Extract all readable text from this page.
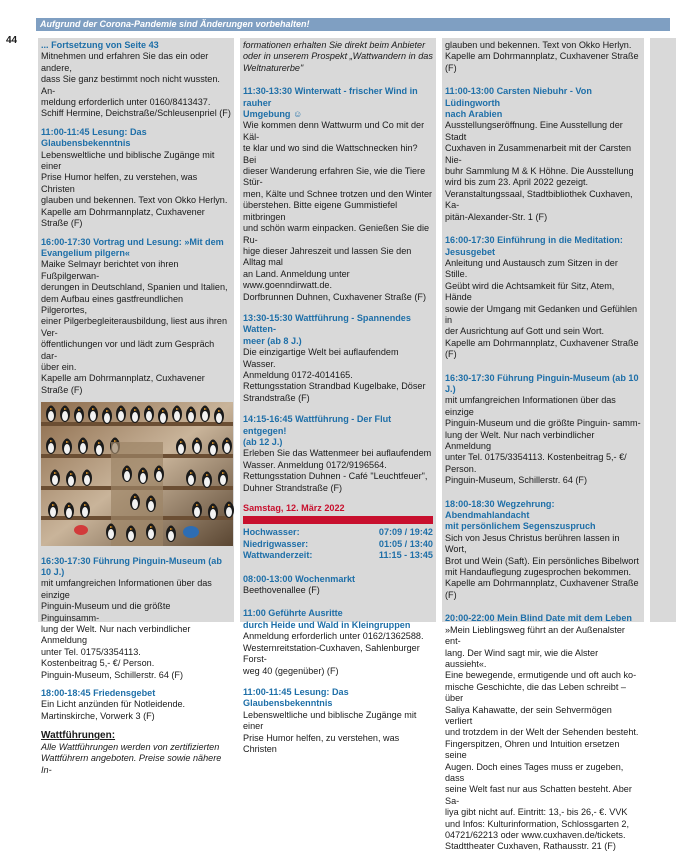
Aufgrund der Corona-Pandemie sind Änderungen vorbehalten!
44	... Fortsetzung von Seite 43
Mitnehmen und erfahren Sie das ein oder andere,
dass Sie ganz bestimmt noch nicht wussten. An-
meldung erforderlich unter 0160/8413437.
Schiff Hermine, Deichstraße/Schleusenpriel (F)
11:00-11:45 Lesung: Das Glaubensbekenntnis
Lebensweltliche und biblische Zugänge mit einer
Prise Humor helfen, zu verstehen, was Christen
glauben und bekennen. Text von Okko Herlyn.
Kapelle am Dohrmannplatz, Cuxhavener Straße (F)
16:00-17:30 Vortrag und Lesung: »Mit dem
Evangelium pilgern«
Maike Selmayr berichtet von ihren Fußpilgerwan-
derungen in Deutschland, Spanien und Italien,
dem Aufbau eines gastfreundlichen Pilgerortes,
einer Pilgerbegleiterausbildung, liest aus ihren Ver-
öffentlichungen vor und lädt zum Gespräch dar-
über ein.
Kapelle am Dohrmannplatz, Cuxhavener Straße (F)
16:30-17:30 Führung Pinguin-Museum (ab 10 J.)
mit umfangreichen Informationen über das einzige
Pinguin-Museum und die größte Pinguinsamm-
lung der Welt. Nur nach verbindlicher Anmeldung
unter Tel. 0175/3354113.
Kostenbeitrag 5,- €/ Person.
Pinguin-Museum, Schillerstr. 64 (F)
18:00-18:45 Friedensgebet
Ein Licht anzünden für Notleidende.
Martinskirche, Vorwerk 3 (F)
Wattführungen:
Alle Wattführungen werden von zertifizierten
Wattführern angeboten. Preise sowie nähere In-
formationen erhalten Sie direkt beim Anbieter
oder in unserem Prospekt „Wattwandern in das
Weltnaturerbe"
11:30-13:30 Winterwatt - frischer Wind in rauher
Umgebung ☺
Wie kommen denn Wattwurm und Co mit der Käl-
te klar und wo sind die Wattschnecken hin? Bei
dieser Wanderung erfahren Sie, wie die Tiere Stür-
men, Kälte und Schnee trotzen und den Winter
überstehen. Bitte eigene Gummistiefel mitbringen
und schön warm einpacken. Genießen Sie die Ru-
hige dieser Jahreszeit und lassen Sie den Alltag mal
an Land. Anmeldung unter www.goenndirwatt.de.
Dorfbrunnen Duhnen, Cuxhavener Straße (F)
13:30-15:30 Wattführung - Spannendes Watten-
meer (ab 8 J.)
Die einzigartige Welt bei auflaufendem Wasser.
Anmeldung 0172-4014165.
Rettungsstation Strandbad Kugelbake, Döser
Strandstraße (F)
14:15-16:45 Wattführung - Der Flut entgegen!
(ab 12 J.)
Erleben Sie das Wattenmeer bei auflaufendem
Wasser. Anmeldung 0172/9196564.
Rettungsstation Duhnen - Café "Leuchtfeuer",
Duhner Strandstraße (F)
Samstag, 12. März 2022
Hochwasser:	07:09 / 19:42
Niedrigwasser:	01:05 / 13:40
Wattwanderzeit:	11:15 - 13:45
08:00-13:00 Wochenmarkt
Beethovenallee (F)
11:00 Geführte Ausritte
durch Heide und Wald in Kleingruppen
Anmeldung erforderlich unter 0162/1362588.
Westernreitstation-Cuxhaven, Sahlenburger Forst-
weg 40 (gegenüber) (F)
11:00-11:45 Lesung: Das Glaubensbekenntnis
Lebensweltliche und biblische Zugänge mit einer
Prise Humor helfen, zu verstehen, was Christen
glauben und bekennen. Text von Okko Herlyn.
Kapelle am Dohrmannplatz, Cuxhavener Straße (F)
11:00-13:00 Carsten Niebuhr - Von Lüdingworth
nach Arabien
Ausstellungseröffnung. Eine Ausstellung der Stadt
Cuxhaven in Zusammenarbeit mit der Carsten Nie-
buhr Sammlung M & K Höhne. Die Ausstellung
wird bis zum 23. April 2022 gezeigt.
Veranstaltungssaal, Stadtbibliothek Cuxhaven, Ka-
pitän-Alexander-Str. 1 (F)
16:00-17:30 Einführung in die Meditation:
Jesusgebet
Anleitung und Austausch zum Sitzen in der Stille.
Geübt wird die Achtsamkeit für Sitz, Atem, Hände
sowie der Umgang mit Gedanken und Gefühlen in
der Ausrichtung auf Gott und sein Wort.
Kapelle am Dohrmannplatz, Cuxhavener Straße (F)
16:30-17:30 Führung Pinguin-Museum (ab 10 J.)
mit umfangreichen Informationen über das einzige
Pinguin-Museum und die größte Pinguin- samm-
lung der Welt. Nur nach verbindlicher Anmeldung
unter Tel. 0175/3354113. Kostenbeitrag 5,- €/
Person.
Pinguin-Museum, Schillerstr. 64 (F)
18:00-18:30 Wegzehrung: Abendmahlandacht
mit persönlichem Segenszuspruch
Sich von Jesus Christus berühren lassen in Wort,
Brot und Wein (Saft). Ein persönliches Bibelwort
mit Handauflegung zugesprochen bekommen.
Kapelle am Dohrmannplatz, Cuxhavener Straße (F)
20:00-22:00 Mein Blind Date mit dem Leben
»Mein Lieblingsweg führt an der Außenalster ent-
lang. Der Wind sagt mir, wie die Alster aussieht«.
Eine bewegende, ermutigende und oft auch ko-
mische Geschichte, die das Leben schreibt – über
Saliya Kahawatte, der sein Sehvermögen verliert
und trotzdem in der Welt der Sehenden besteht.
Fingerspitzen, Ohren und Intuition ersetzen seine
Augen. Doch eines Tages muss er zugeben, dass
seine Welt fast nur aus Schatten besteht. Aber Sa-
liya gibt nicht auf. Eintritt: 13,- bis 26,- €. VVK
und Infos: Kulturinformation, Schlossgarten 2,
04721/62213 oder www.cuxhaven.de/tickets.
Stadttheater Cuxhaven, Rathausstr. 21 (F)
